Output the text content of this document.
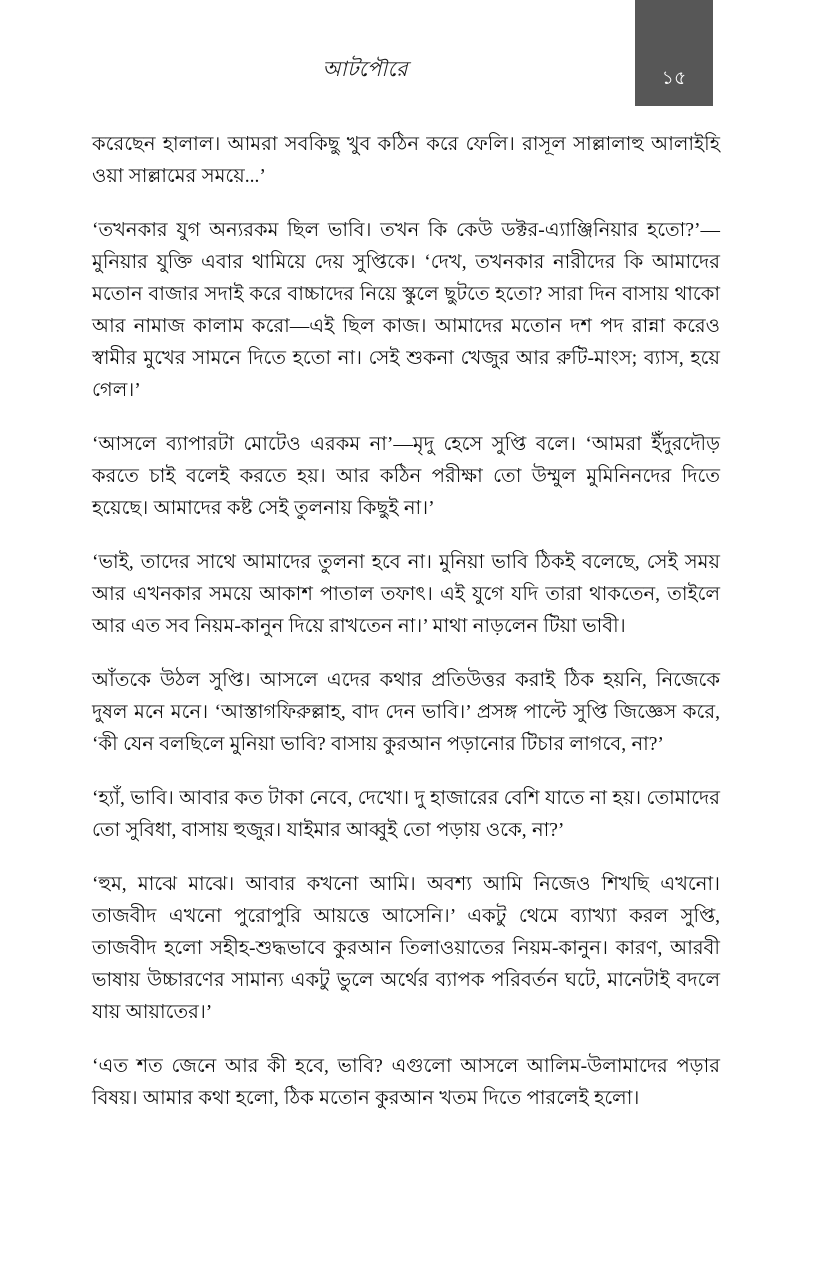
আটপৌরে	১৫

করেছেন হালাল। আমরা সবকিছু খুব কঠিন করে ফেলি। রাসূল সাল্লালাহু আলাইহি ওয়া সাল্লামের সময়ে...’

‘তখনকার যুগ অন্যরকম ছিল ভাবি। তখন কি কেউ ডক্টর-এ্যাঞ্জিনিয়ার হতো?’—মুনিয়ার যুক্তি এবার থামিয়ে দেয় সুপ্তিকে। ‘দেখ, তখনকার নারীদের কি আমাদের মতোন বাজার সদাই করে বাচ্চাদের নিয়ে স্কুলে ছুটতে হতো? সারা দিন বাসায় থাকো আর নামাজ কালাম করো—এই ছিল কাজ। আমাদের মতোন দশ পদ রান্না করেও স্বামীর মুখের সামনে দিতে হতো না। সেই শুকনা খেজুর আর রুটি-মাংস; ব্যাস, হয়ে গেল।’

‘আসলে ব্যাপারটা মোটেও এরকম না’—মৃদু হেসে সুপ্তি বলে। ‘আমরা ইঁদুরদৌড় করতে চাই বলেই করতে হয়। আর কঠিন পরীক্ষা তো উম্মুল মুমিনিনদের দিতে হয়েছে। আমাদের কষ্ট সেই তুলনায় কিছুই না।’

‘ভাই, তাদের সাথে আমাদের তুলনা হবে না। মুনিয়া ভাবি ঠিকই বলেছে, সেই সময় আর এখনকার সময়ে আকাশ পাতাল তফাৎ। এই যুগে যদি তারা থাকতেন, তাইলে আর এত সব নিয়ম-কানুন দিয়ে রাখতেন না।’ মাথা নাড়লেন টিয়া ভাবী।

আঁতকে উঠল সুপ্তি। আসলে এদের কথার প্রতিউত্তর করাই ঠিক হয়নি, নিজেকে দুষল মনে মনে। ‘আস্তাগফিরুল্লাহ, বাদ দেন ভাবি।’ প্রসঙ্গ পাল্টে সুপ্তি জিজ্ঞেস করে, ‘কী যেন বলছিলে মুনিয়া ভাবি? বাসায় কুরআন পড়ানোর টিচার লাগবে, না?’

‘হ্যাঁ, ভাবি। আবার কত টাকা নেবে, দেখো। দু হাজারের বেশি যাতে না হয়। তোমাদের তো সুবিধা, বাসায় হুজুর। যাইমার আব্বুই তো পড়ায় ওকে, না?’

‘হুম, মাঝে মাঝে। আবার কখনো আমি। অবশ্য আমি নিজেও শিখছি এখনো। তাজবীদ এখনো পুরোপুরি আয়ত্তে আসেনি।’ একটু থেমে ব্যাখ্যা করল সুপ্তি, তাজবীদ হলো সহীহ-শুদ্ধভাবে কুরআন তিলাওয়াতের নিয়ম-কানুন। কারণ, আরবী ভাষায় উচ্চারণের সামান্য একটু ভুলে অর্থের ব্যাপক পরিবর্তন ঘটে, মানেটাই বদলে যায় আয়াতের।’

‘এত শত জেনে আর কী হবে, ভাবি? এগুলো আসলে আলিম-উলামাদের পড়ার বিষয়। আমার কথা হলো, ঠিক মতোন কুরআন খতম দিতে পারলেই হলো।
